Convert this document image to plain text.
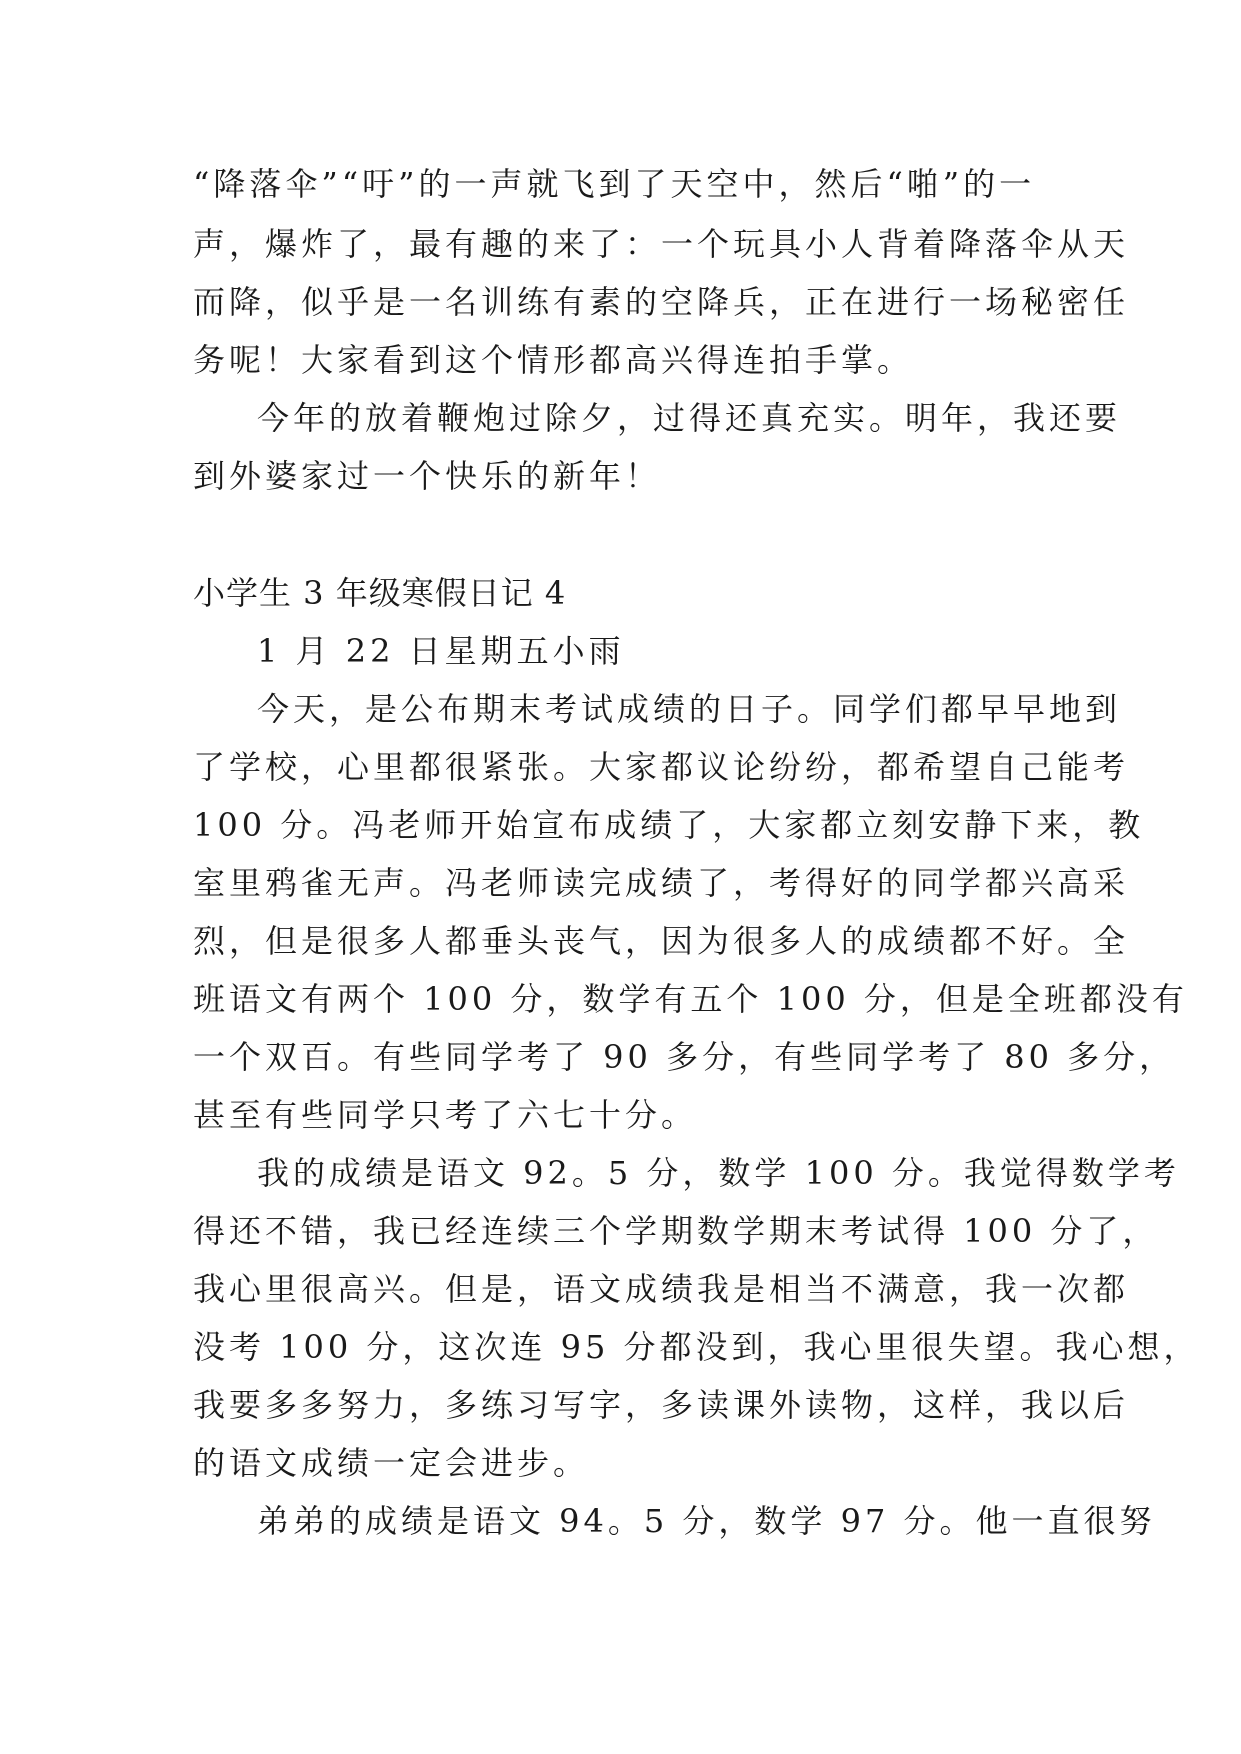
“降落伞”“吁”的一声就飞到了天空中，然后“啪”的一
声，爆炸了，最有趣的来了：一个玩具小人背着降落伞从天
而降，似乎是一名训练有素的空降兵，正在进行一场秘密任
务呢！大家看到这个情形都高兴得连拍手掌。
今年的放着鞭炮过除夕，过得还真充实。明年，我还要
到外婆家过一个快乐的新年！
小学生 3 年级寒假日记 4
1 月 22 日星期五小雨
今天，是公布期末考试成绩的日子。同学们都早早地到
了学校，心里都很紧张。大家都议论纷纷，都希望自己能考
100 分。冯老师开始宣布成绩了，大家都立刻安静下来，教
室里鸦雀无声。冯老师读完成绩了，考得好的同学都兴高采
烈，但是很多人都垂头丧气，因为很多人的成绩都不好。全
班语文有两个 100 分，数学有五个 100 分，但是全班都没有
一个双百。有些同学考了 90 多分，有些同学考了 80 多分，
甚至有些同学只考了六七十分。
我的成绩是语文 92。5 分，数学 100 分。我觉得数学考
得还不错，我已经连续三个学期数学期末考试得 100 分了，
我心里很高兴。但是，语文成绩我是相当不满意，我一次都
没考 100 分，这次连 95 分都没到，我心里很失望。我心想，
我要多多努力，多练习写字，多读课外读物，这样，我以后
的语文成绩一定会进步。
弟弟的成绩是语文 94。5 分，数学 97 分。他一直很努
